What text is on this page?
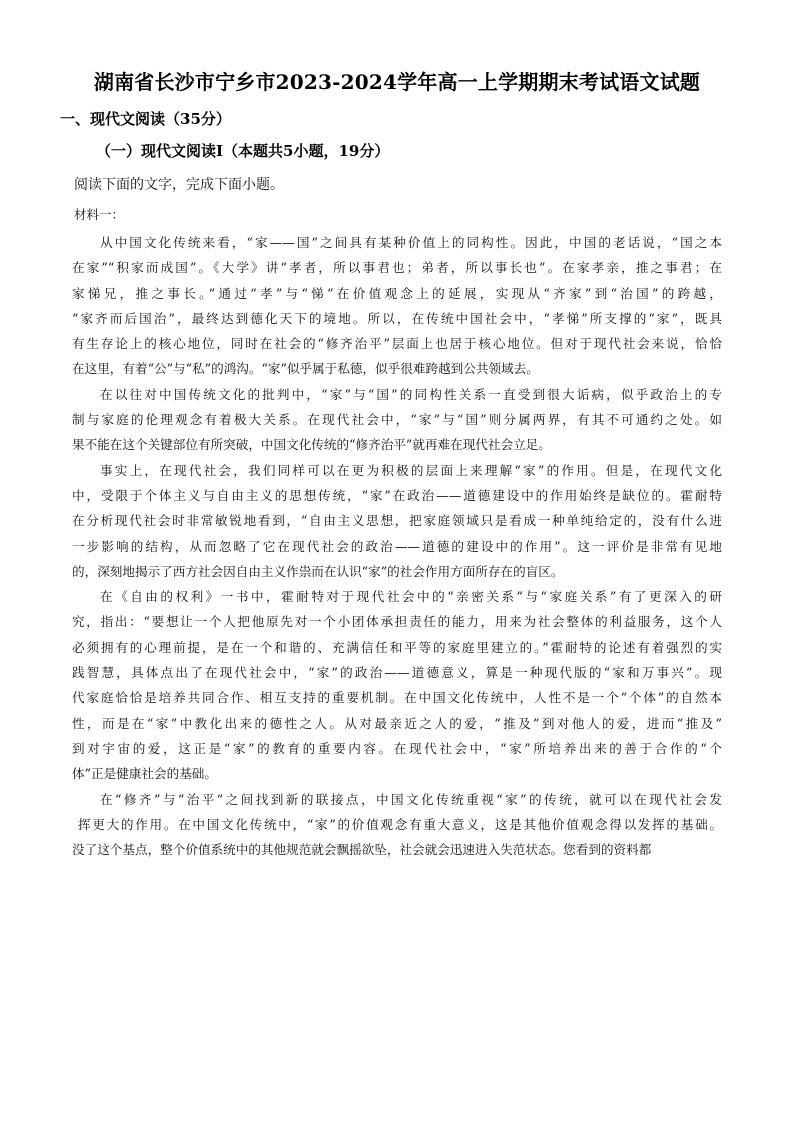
湖南省长沙市宁乡市2023-2024学年高一上学期期末考试语文试题
一、现代文阅读（35分）
（一）现代文阅读Ⅰ（本题共5小题，19分）
阅读下面的文字，完成下面小题。
材料一：
从中国文化传统来看，“家——国”之间具有某种价值上的同构性。因此，中国的老话说，“国之本
在家”“积家而成国”。《大学》讲“孝者，所以事君也；弟者，所以事长也”。在家孝亲，推之事君；在
家悌兄，推之事长。”通过“孝”与“悌”在价值观念上的延展，实现从“齐家”到“治国”的跨越，
“家齐而后国治”，最终达到德化天下的境地。所以，在传统中国社会中，“孝悌”所支撑的“家”，既具
有生存论上的核心地位，同时在社会的“修齐治平”层面上也居于核心地位。但对于现代社会来说，恰恰
在这里，有着“公”与“私”的鸿沟。“家”似乎属于私德，似乎很难跨越到公共领域去。
在以往对中国传统文化的批判中，“家”与“国”的同构性关系一直受到很大诟病，似乎政治上的专
制与家庭的伦理观念有着极大关系。在现代社会中，“家”与“国”则分属两界，有其不可通约之处。如
果不能在这个关键部位有所突破，中国文化传统的“修齐治平”就再难在现代社会立足。
事实上，在现代社会，我们同样可以在更为积极的层面上来理解“家”的作用。但是，在现代文化
中，受限于个体主义与自由主义的思想传统，“家”在政治——道德建设中的作用始终是缺位的。霍耐特
在分析现代社会时非常敏锐地看到，“自由主义思想，把家庭领域只是看成一种单纯给定的，没有什么进
一步影响的结构，从而忽略了它在现代社会的政治——道德的建设中的作用”。这一评价是非常有见地
的，深刻地揭示了西方社会因自由主义作祟而在认识“家”的社会作用方面所存在的盲区。
在《自由的权利》一书中，霍耐特对于现代社会中的“亲密关系”与“家庭关系”有了更深入的研
究，指出：“要想让一个人把他原先对一个小团体承担责任的能力，用来为社会整体的利益服务，这个人
必须拥有的心理前提，是在一个和谐的、充满信任和平等的家庭里建立的。”霍耐特的论述有着强烈的实
践智慧，具体点出了在现代社会中，“家”的政治——道德意义，算是一种现代版的“家和万事兴”。现
代家庭恰恰是培养共同合作、相互支持的重要机制。在中国文化传统中，人性不是一个“个体”的自然本
性，而是在“家”中教化出来的德性之人。从对最亲近之人的爱，“推及”到对他人的爱，进而“推及”
到对宇宙的爱，这正是“家”的教育的重要内容。在现代社会中，“家”所培养出来的善于合作的“个
体”正是健康社会的基础。
在“修齐”与“治平”之间找到新的联接点，中国文化传统重视“家”的传统，就可以在现代社会发
挥更大的作用。在中国文化传统中，“家”的价值观念有重大意义，这是其他价值观念得以发挥的基础。
没了这个基点，整个价值系统中的其他规范就会飘摇欲坠，社会就会迅速进入失范状态。您看到的资料都
